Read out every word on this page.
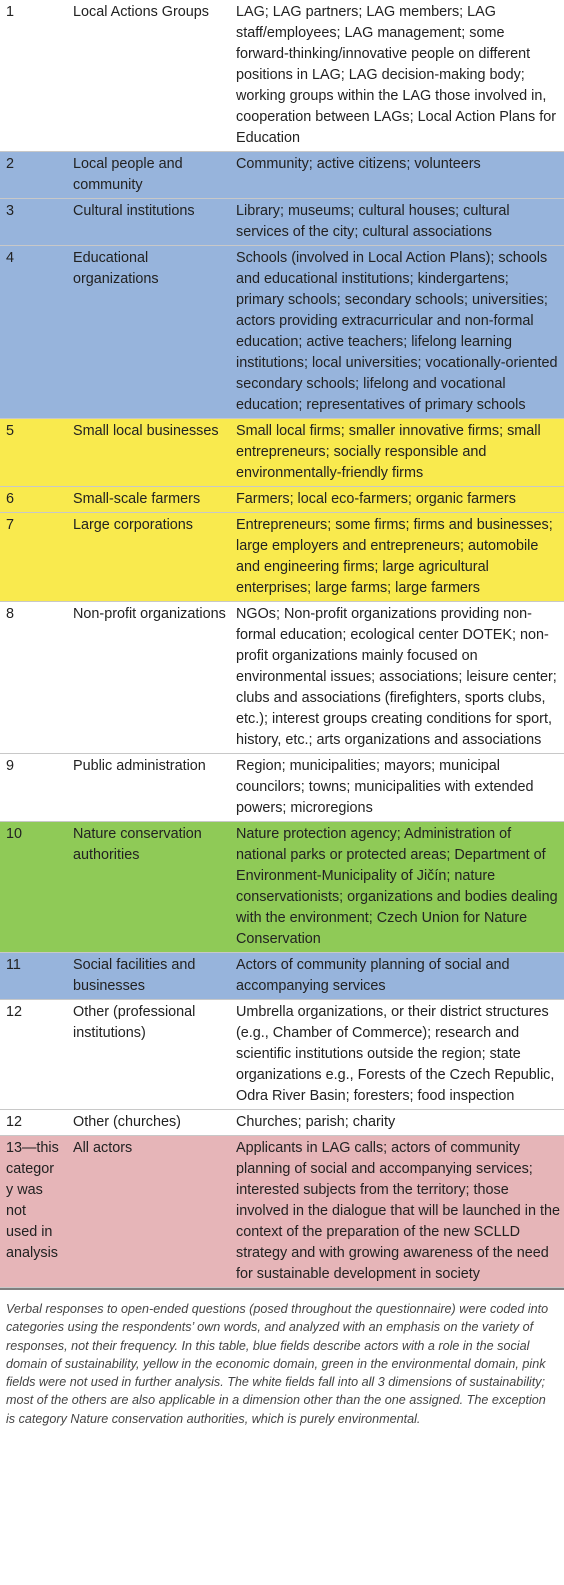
1	Local Actions Groups	LAG; LAG partners; LAG members; LAG staff/employees; LAG management; some forward-thinking/innovative people on different positions in LAG; LAG decision-making body; working groups within the LAG those involved in, cooperation between LAGs; Local Action Plans for Education
2	Local people and community	Community; active citizens; volunteers
3	Cultural institutions	Library; museums; cultural houses; cultural services of the city; cultural associations
4	Educational organizations	Schools (involved in Local Action Plans); schools and educational institutions; kindergartens; primary schools; secondary schools; universities; actors providing extracurricular and non-formal education; active teachers; lifelong learning institutions; local universities; vocationally-oriented secondary schools; lifelong and vocational education; representatives of primary schools
5	Small local businesses	Small local firms; smaller innovative firms; small entrepreneurs; socially responsible and environmentally-friendly firms
6	Small-scale farmers	Farmers; local eco-farmers; organic farmers
7	Large corporations	Entrepreneurs; some firms; firms and businesses; large employers and entrepreneurs; automobile and engineering firms; large agricultural enterprises; large farms; large farmers
8	Non-profit organizations	NGOs; Non-profit organizations providing non-formal education; ecological center DOTEK; non-profit organizations mainly focused on environmental issues; associations; leisure center; clubs and associations (firefighters, sports clubs, etc.); interest groups creating conditions for sport, history, etc.; arts organizations and associations
9	Public administration	Region; municipalities; mayors; municipal councilors; towns; municipalities with extended powers; microregions
10	Nature conservation authorities	Nature protection agency; Administration of national parks or protected areas; Department of Environment-Municipality of Jičín; nature conservationists; organizations and bodies dealing with the environment; Czech Union for Nature Conservation
11	Social facilities and businesses	Actors of community planning of social and accompanying services
12	Other (professional institutions)	Umbrella organizations, or their district structures (e.g., Chamber of Commerce); research and scientific institutions outside the region; state organizations e.g., Forests of the Czech Republic, Odra River Basin; foresters; food inspection
12	Other (churches)	Churches; parish; charity
13—this category was not used in analysis	All actors	Applicants in LAG calls; actors of community planning of social and accompanying services; interested subjects from the territory; those involved in the dialogue that will be launched in the context of the preparation of the new SCLLD strategy and with growing awareness of the need for sustainable development in society

Verbal responses to open-ended questions (posed throughout the questionnaire) were coded into categories using the respondents’ own words, and analyzed with an emphasis on the variety of responses, not their frequency. In this table, blue fields describe actors with a role in the social domain of sustainability, yellow in the economic domain, green in the environmental domain, pink fields were not used in further analysis. The white fields fall into all 3 dimensions of sustainability; most of the others are also applicable in a dimension other than the one assigned. The exception is category Nature conservation authorities, which is purely environmental.
